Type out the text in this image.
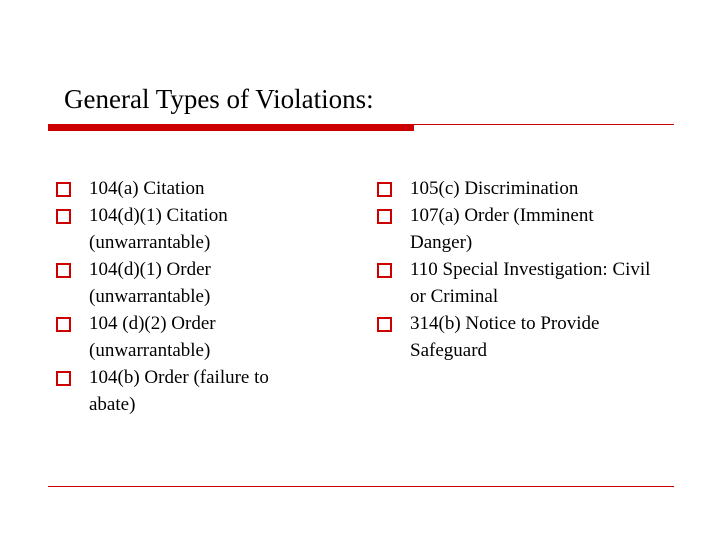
General Types of Violations:
104(a) Citation
104(d)(1) Citation (unwarrantable)
104(d)(1) Order (unwarrantable)
104 (d)(2) Order (unwarrantable)
104(b) Order (failure to abate)
105(c) Discrimination
107(a) Order (Imminent Danger)
110 Special Investigation: Civil or Criminal
314(b) Notice to Provide Safeguard
